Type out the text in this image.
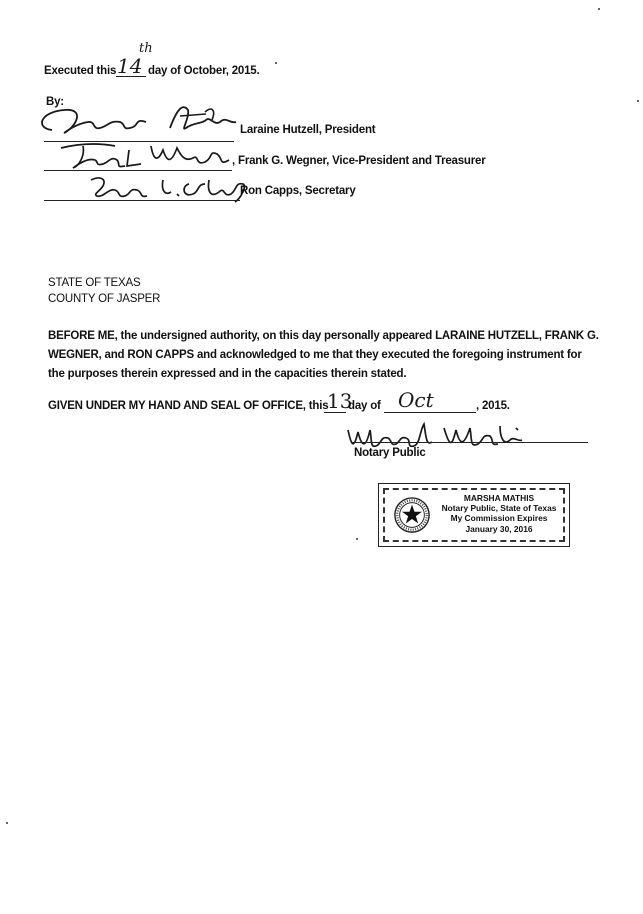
Executed this 14
th
day of October, 2015.
By:
Laraine Hutzell, President
, Frank G. Wegner, Vice-President and Treasurer
Ron Capps, Secretary
STATE OF TEXAS
COUNTY OF JASPER
BEFORE ME, the undersigned authority, on this day personally appeared LARAINE HUTZELL, FRANK G.
WEGNER, and RON CAPPS and acknowledged to me that they executed the foregoing instrument for
the purposes therein expressed and in the capacities therein stated.
GIVEN UNDER MY HAND AND SEAL OF OFFICE, this
13
day of Oct	, 2015.
Notary Public
MARSHA MATHIS
Notary Public, State of Texas
My Commission Expires
January 30, 2016
